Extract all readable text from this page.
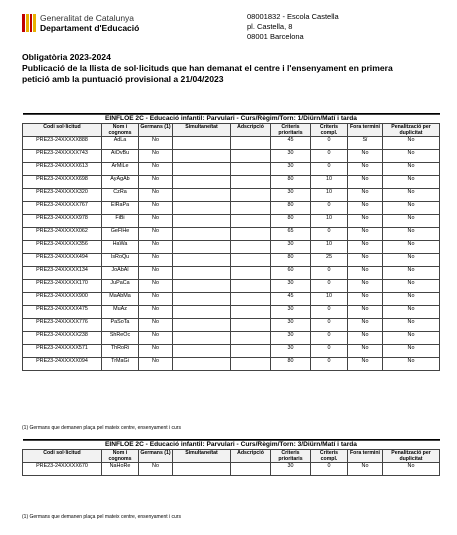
Generalitat de Catalunya
Departament d'Educació
08001832 - Escola Castella
pl. Castella, 8
08001 Barcelona
Obligatòria 2023-2024
Publicació de la llista de sol·licituds que han demanat el centre i l'ensenyament en primera
petició amb la puntuació provisional a 21/04/2023

EINFLOE 2C - Educació infantil: Parvulari - Curs/Règim/Torn: 1/Diürn/Matí i tarda								
Codi sol·licitud	Nom i cognoms	Germans (1)	Simultaneïtat	Adscripció	Criteris prioritaris	Criteris compl.	Fora termini	Penalització per duplicitat
PRE23-24XXXXX888	AdLa	No			45	0	Sí	No
PRE23-24XXXXX743	AiOvBu	No			30	0	No	No
PRE23-24XXXXX613	ArMiLe	No			30	0	No	No
PRE23-24XXXXX698	AyAgAb	No			80	10	No	No
PRE23-24XXXXX320	CzRa	No			30	10	No	No
PRE23-24XXXXX767	ElRaPa	No			80	0	No	No
PRE23-24XXXXX978	FiBi	No			80	10	No	No
PRE23-24XXXXX062	GeFlHe	No			65	0	No	No
PRE23-24XXXXX356	HaWa	No			30	10	No	No
PRE23-24XXXXX494	IsRoQu	No			80	25	No	No
PRE23-24XXXXX134	JoAbAl	No			60	0	No	No
PRE23-24XXXXX170	JuPaCa	No			30	0	No	No
PRE23-24XXXXX900	MaAbMa	No			45	10	No	No
PRE23-24XXXXX475	MuAz	No			30	0	No	No
PRE23-24XXXXX776	PaSoTa	No			30	0	No	No
PRE23-24XXXXX238	ShReOc	No			30	0	No	No
PRE23-24XXXXX571	ThRoRi	No			30	0	No	No
PRE23-24XXXXX094	TrMaGi	No			80	0	No	No
(1) Germans que demanen plaça pel mateix centre, ensenyament i curs

EINFLOE 2C - Educació infantil: Parvulari - Curs/Règim/Torn: 3/Diürn/Matí i tarda								
Codi sol·licitud	Nom i cognoms	Germans (1)	Simultaneïtat	Adscripció	Criteris prioritaris	Criteris compl.	Fora termini	Penalització per duplicitat
PRE23-24XXXXX670	NaHoRe	No			30	0	No	No
(1) Germans que demanen plaça pel mateix centre, ensenyament i curs
